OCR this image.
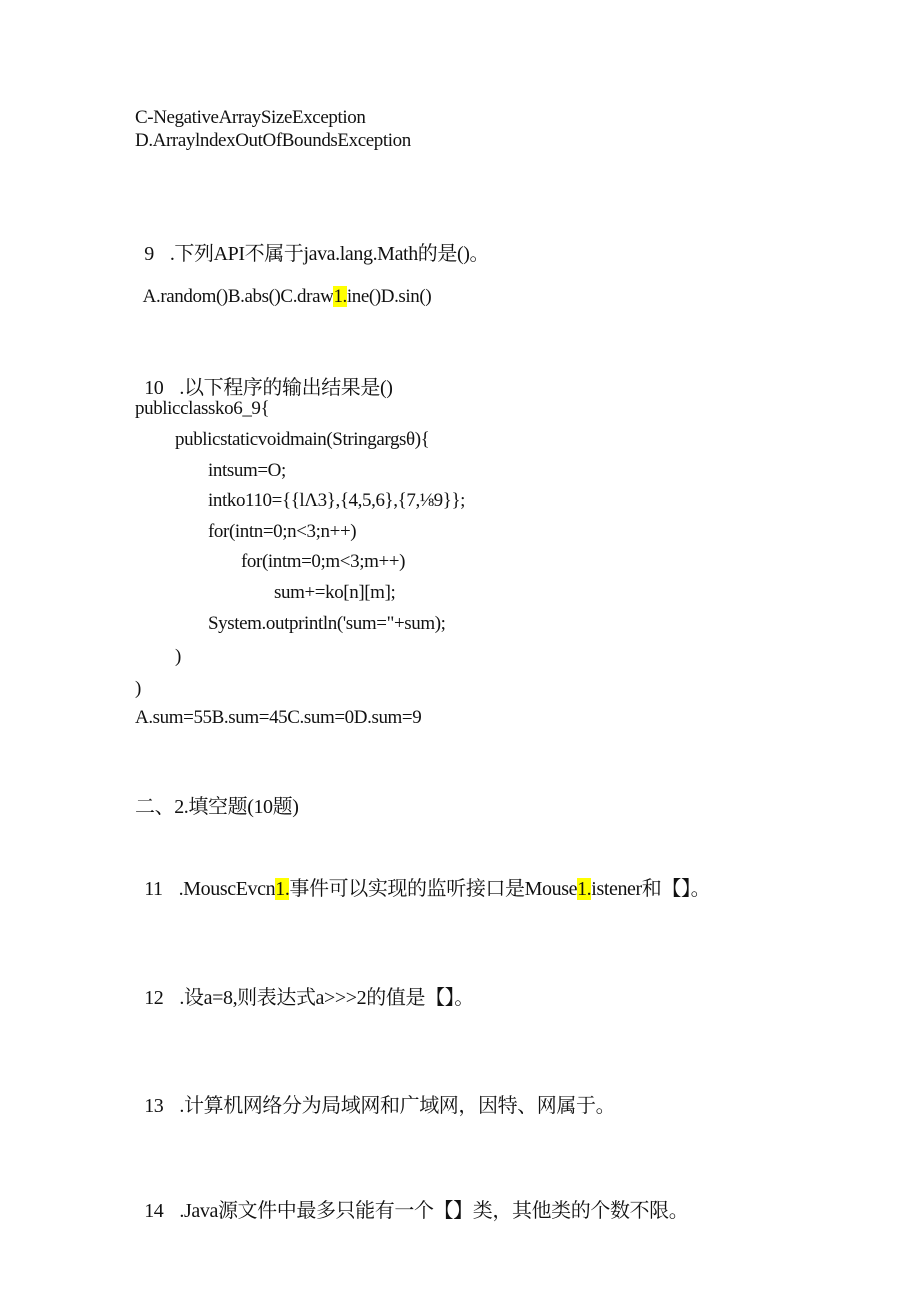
C-NegativeArraySizeException
D.ArraylndexOutOfBoundsException

9 .下列API不属于java.lang.Math的是()。

A.random()B.abs()C.draw1.ine()D.sin()

10 .以下程序的输出结果是()

publicclassko6_9{
publicstaticvoidmain(Stringargsθ){
intsum=O;
intko110={{lΛ3},{4,5,6},{7,⅛9}};
for(intn=0;n<3;n++)
for(intm=0;m<3;m++)
sum+=ko[n][m];
System.outprintln('sum="+sum);
)
)
A.sum=55B.sum=45C.sum=0D.sum=9
二、2.填空题(10题)

11 .MouscEvcn1.事件可以实现的监听接口是Mouse1.istener和【】。

12 .设a=8,则表达式a>>>2的值是【】。

13 .计算机网络分为局域网和广域网，因特、网属于。

14 .Java源文件中最多只能有一个【】类，其他类的个数不限。
